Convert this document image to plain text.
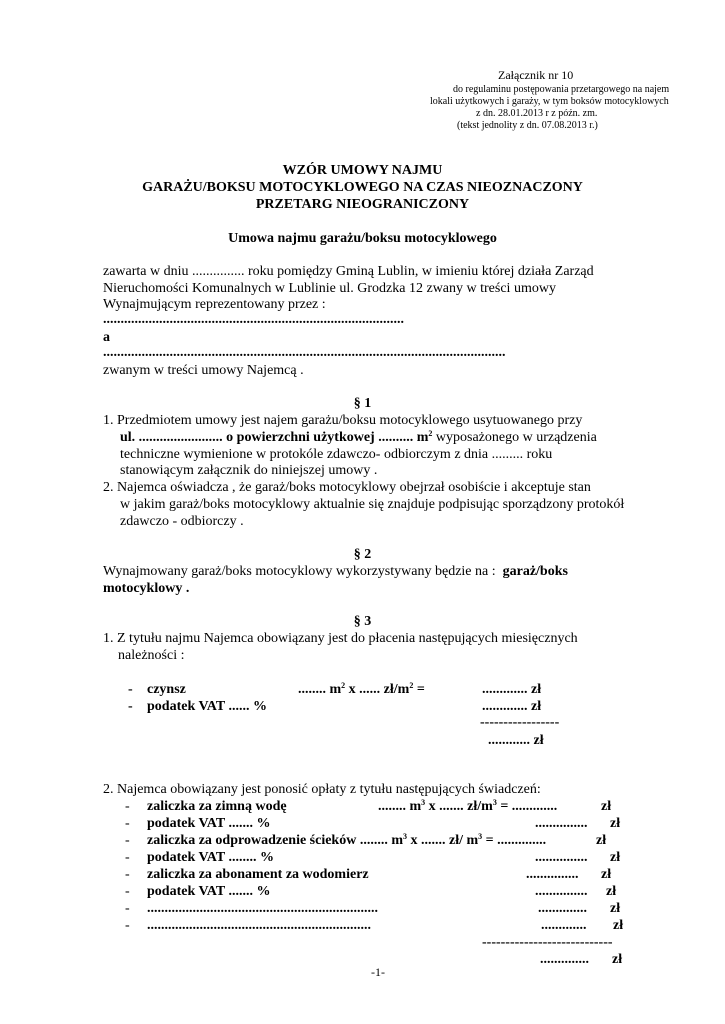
Załącznik nr 10
do regulaminu postępowania przetargowego na najem
lokali użytkowych i garaży, w tym boksów motocyklowych
z dn. 28.01.2013 r z późn. zm.
(tekst jednolity z dn. 07.08.2013 r.)
WZÓR UMOWY NAJMU
GARAŻU/BOKSU MOTOCYKLOWEGO NA CZAS NIEOZNACZONY
PRZETARG NIEOGRANICZONY
Umowa najmu garażu/boksu motocyklowego
zawarta w dniu ............... roku pomiędzy Gminą Lublin, w imieniu której działa Zarząd
Nieruchomości Komunalnych w Lublinie ul. Grodzka 12 zwany w treści umowy
Wynajmującym reprezentowany przez :
......................................................................................
a
...................................................................................................................
zwanym w treści umowy Najemcą .
§ 1
1. Przedmiotem umowy jest najem garażu/boksu motocyklowego usytuowanego przy
ul. ........................ o powierzchni użytkowej .......... $m^2$ wyposażonego w urządzenia
techniczne wymienione w protokóle zdawczo- odbiorczym z dnia ......... roku
stanowiącym załącznik do niniejszej umowy .
2. Najemca oświadcza , że garaż/boks motocyklowy obejrzał osobiście i akceptuje stan
w jakim garaż/boks motocyklowy aktualnie się znajduje podpisując sporządzony protokół
zdawczo - odbiorczy .
§ 2
Wynajmowany garaż/boks motocyklowy wykorzystywany będzie na : garaż/boks
motocyklowy .
§ 3
1. Z tytułu najmu Najemca obowiązany jest do płacenia następujących miesięcznych
należności :
- czynsz	........ $m^2$ x ...... $zł/m^2$ =	............. zł
- podatek VAT ...... %	............. zł
-----------------
............ zł
2. Najemca obowiązany jest ponosić opłaty z tytułu następujących świadczeń:
- zaliczka za zimną wodę	........ $m^3$ x ....... $zł/m^3$ = .............	zł
- podatek VAT ....... %	............... zł
- zaliczka za odprowadzenie ścieków ........ $m^3$ x ....... zł/ $m^3$ = ..............	zł
- podatek VAT ........ %	............... zł
- zaliczka za abonament za wodomierz	............... zł
- podatek VAT ....... %	............... zł
- ..................................................................	.............. zł
- ................................................................	............. zł
----------------------------
.............. zł
-1-
